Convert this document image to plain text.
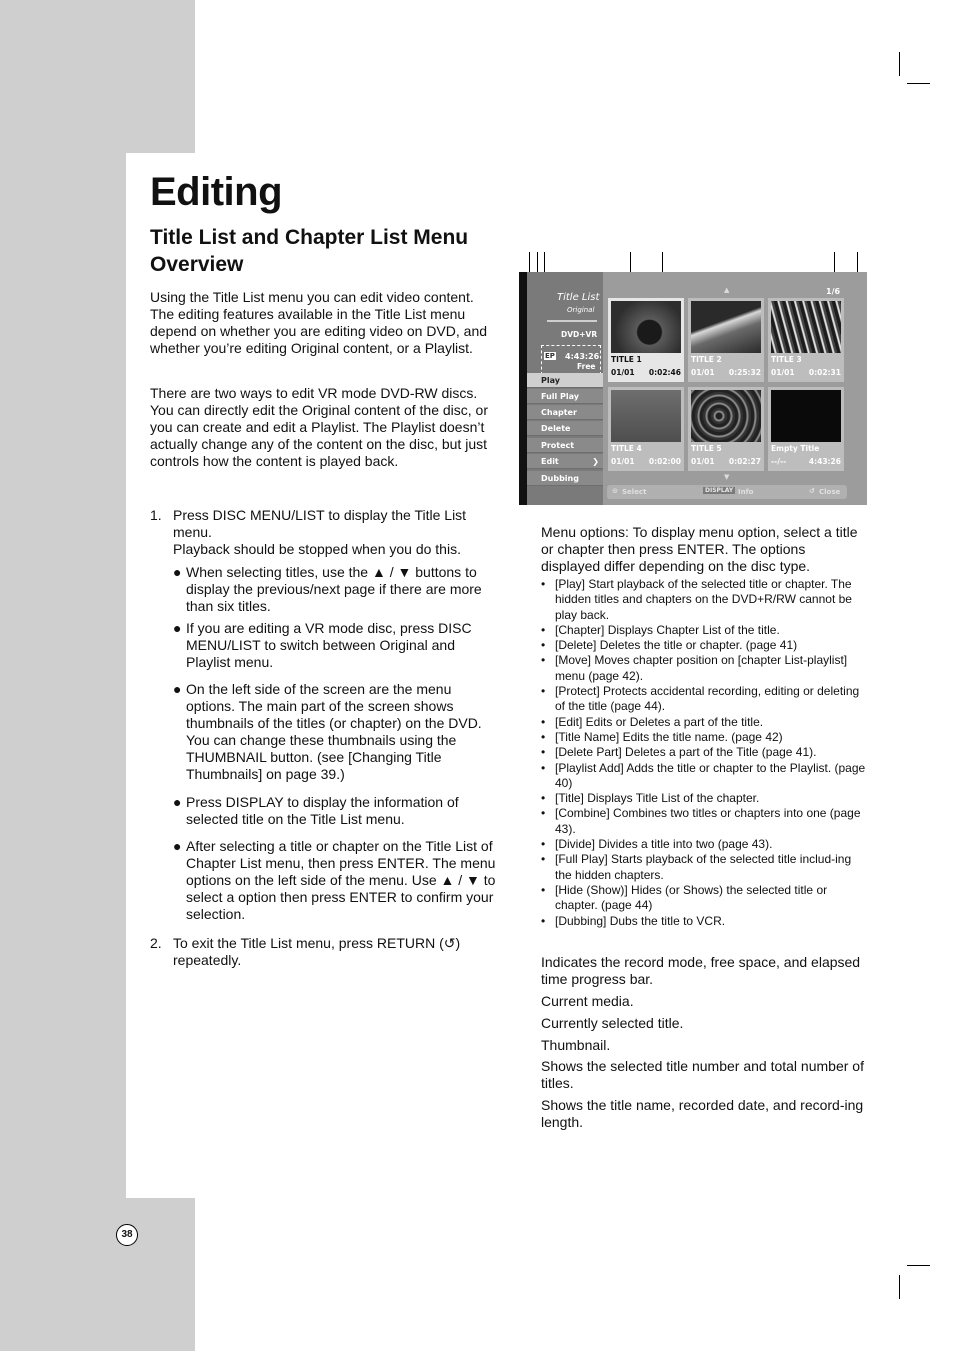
Editing
Title List and Chapter List Menu Overview

Using the Title List menu you can edit video content. The editing features available in the Title List menu depend on whether you are editing video on DVD, and whether you’re editing Original content, or a Playlist.

There are two ways to edit VR mode DVD-RW discs. You can directly edit the Original content of the disc, or you can create and edit a Playlist. The Playlist doesn’t actually change any of the content on the disc, but just controls how the content is played back.

1. Press DISC MENU/LIST to display the Title List menu.
Playback should be stopped when you do this.
● When selecting titles, use the ▲ / ▼ buttons to display the previous/next page if there are more than six titles.
● If you are editing a VR mode disc, press DISC MENU/LIST to switch between Original and Playlist menu.
● On the left side of the screen are the menu options. The main part of the screen shows thumbnails of the titles (or chapter) on the DVD. You can change these thumbnails using the THUMBNAIL button. (see [Changing Title Thumbnails] on page 39.)
● Press DISPLAY to display the information of selected title on the Title List menu.
● After selecting a title or chapter on the Title List of Chapter List menu, then press ENTER. The menu options on the left side of the menu. Use ▲ / ▼ to select a option then press ENTER to confirm your selection.
2. To exit the Title List menu, press RETURN (↺) repeatedly.
Title List
Original
DVD+VR
EP 4:43:26
Free
Play
Full Play
Chapter
Delete
Protect
Edit	❯
Dubbing
▲	1/6
TITLE 1
01/01 0:02:46
TITLE 2
01/01 0:25:32
TITLE 3
01/01 0:02:31
TITLE 4
01/01 0:02:00
TITLE 5
01/01 0:02:27
Empty Title
--/--	4:43:26
▼
⊙ Select	DISPLAY Info	↺ Close
Menu options: To display menu option, select a title or chapter then press ENTER. The options displayed differ depending on the disc type.
• [Play] Start playback of the selected title or chapter. The hidden titles and chapters on the DVD+R/RW cannot be play back.
• [Chapter] Displays Chapter List of the title.
• [Delete] Deletes the title or chapter. (page 41)
• [Move] Moves chapter position on [chapter List-playlist] menu (page 42).
• [Protect] Protects accidental recording, editing or deleting of the title (page 44).
• [Edit] Edits or Deletes a part of the title.
• [Title Name] Edits the title name. (page 42)
• [Delete Part] Deletes a part of the Title (page 41).
• [Playlist Add] Adds the title or chapter to the Playlist. (page 40)
• [Title] Displays Title List of the chapter.
• [Combine] Combines two titles or chapters into one (page 43).
• [Divide] Divides a title into two (page 43).
• [Full Play] Starts playback of the selected title includ-ing the hidden chapters.
• [Hide (Show)] Hides (or Shows) the selected title or chapter. (page 44)
• [Dubbing] Dubs the title to VCR.

Indicates the record mode, free space, and elapsed time progress bar.

Current media.

Currently selected title.

Thumbnail.

Shows the selected title number and total number of titles.

Shows the title name, recorded date, and record-ing length.

38
